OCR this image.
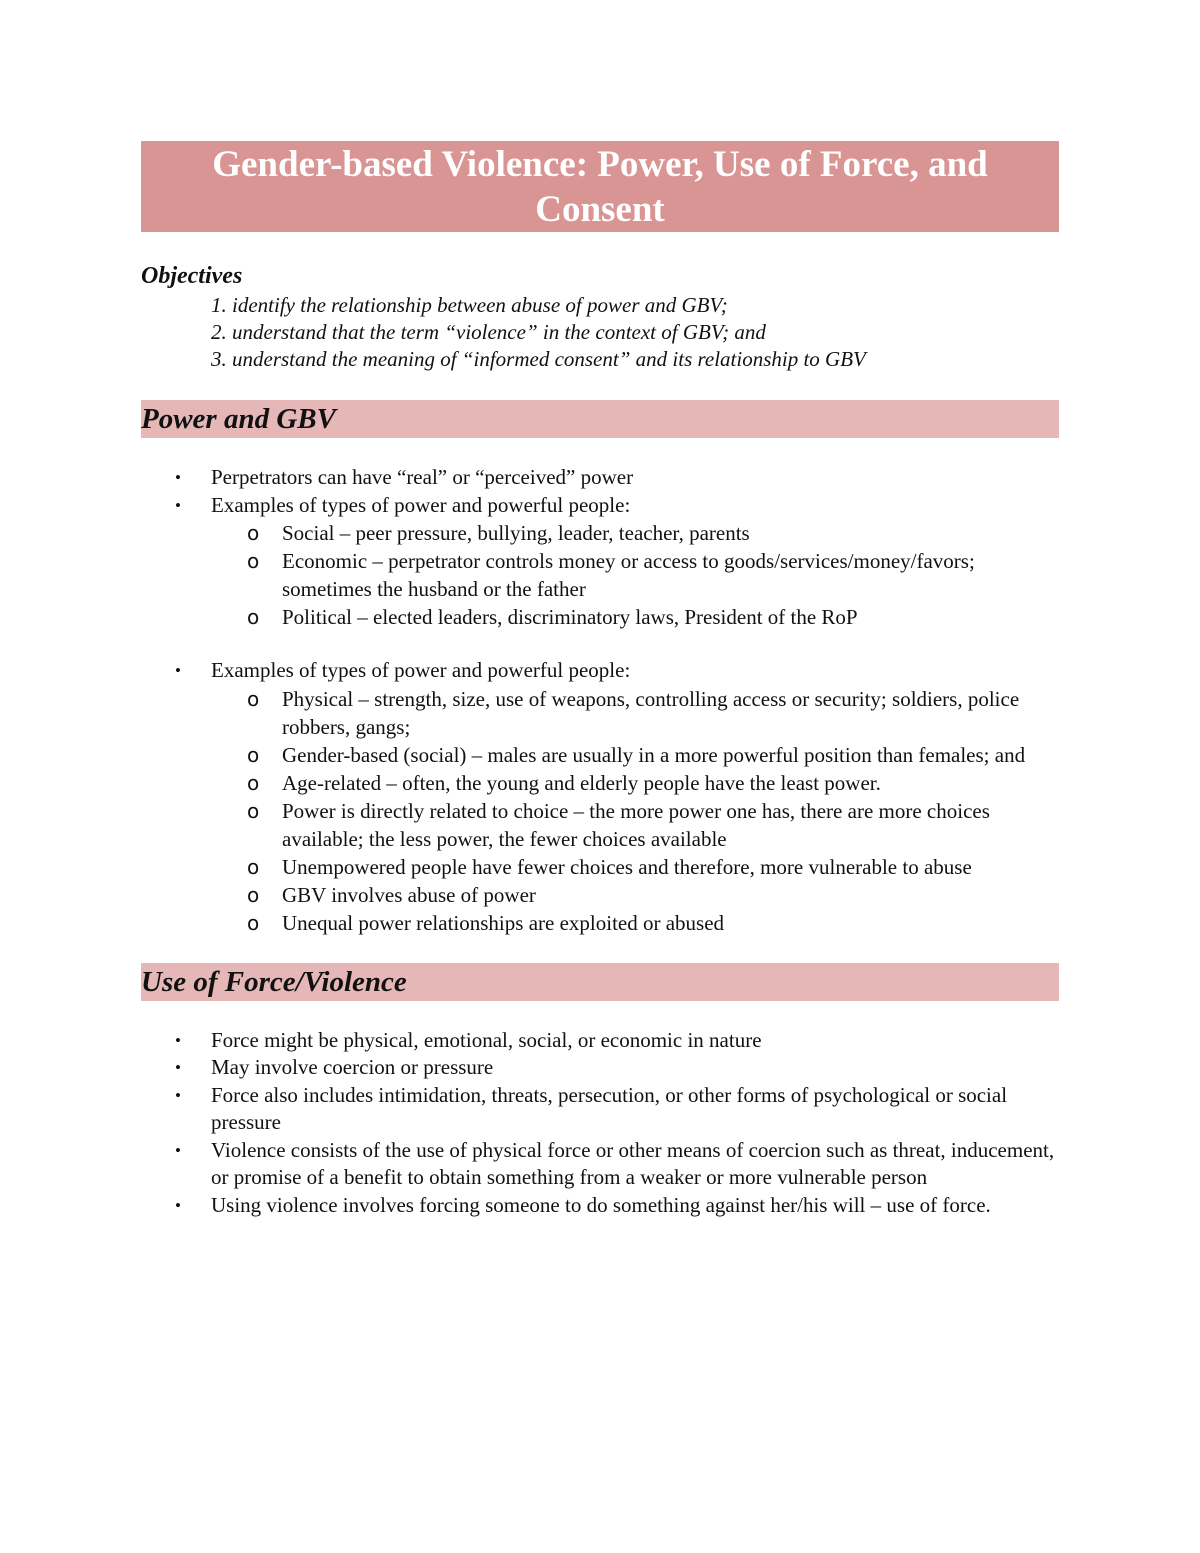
Gender-based Violence: Power, Use of Force, and Consent
Objectives
1. identify the relationship between abuse of power and GBV;
2. understand that the term “violence” in the context of GBV; and
3. understand the meaning of “informed consent” and its relationship to GBV
Power and GBV
• Perpetrators can have “real” or “perceived” power
• Examples of types of power and powerful people:
o Social – peer pressure, bullying, leader, teacher, parents
o Economic – perpetrator controls money or access to goods/services/money/favors; sometimes the husband or the father
o Political – elected leaders, discriminatory laws, President of the RoP
• Examples of types of power and powerful people:
o Physical – strength, size, use of weapons, controlling access or security; soldiers, police robbers, gangs;
o Gender-based (social) – males are usually in a more powerful position than females; and
o Age-related – often, the young and elderly people have the least power.
o Power is directly related to choice – the more power one has, there are more choices available; the less power, the fewer choices available
o Unempowered people have fewer choices and therefore, more vulnerable to abuse
o GBV involves abuse of power
o Unequal power relationships are exploited or abused
Use of Force/Violence
• Force might be physical, emotional, social, or economic in nature
• May involve coercion or pressure
• Force also includes intimidation, threats, persecution, or other forms of psychological or social pressure
• Violence consists of the use of physical force or other means of coercion such as threat, inducement, or promise of a benefit to obtain something from a weaker or more vulnerable person
• Using violence involves forcing someone to do something against her/his will – use of force.
